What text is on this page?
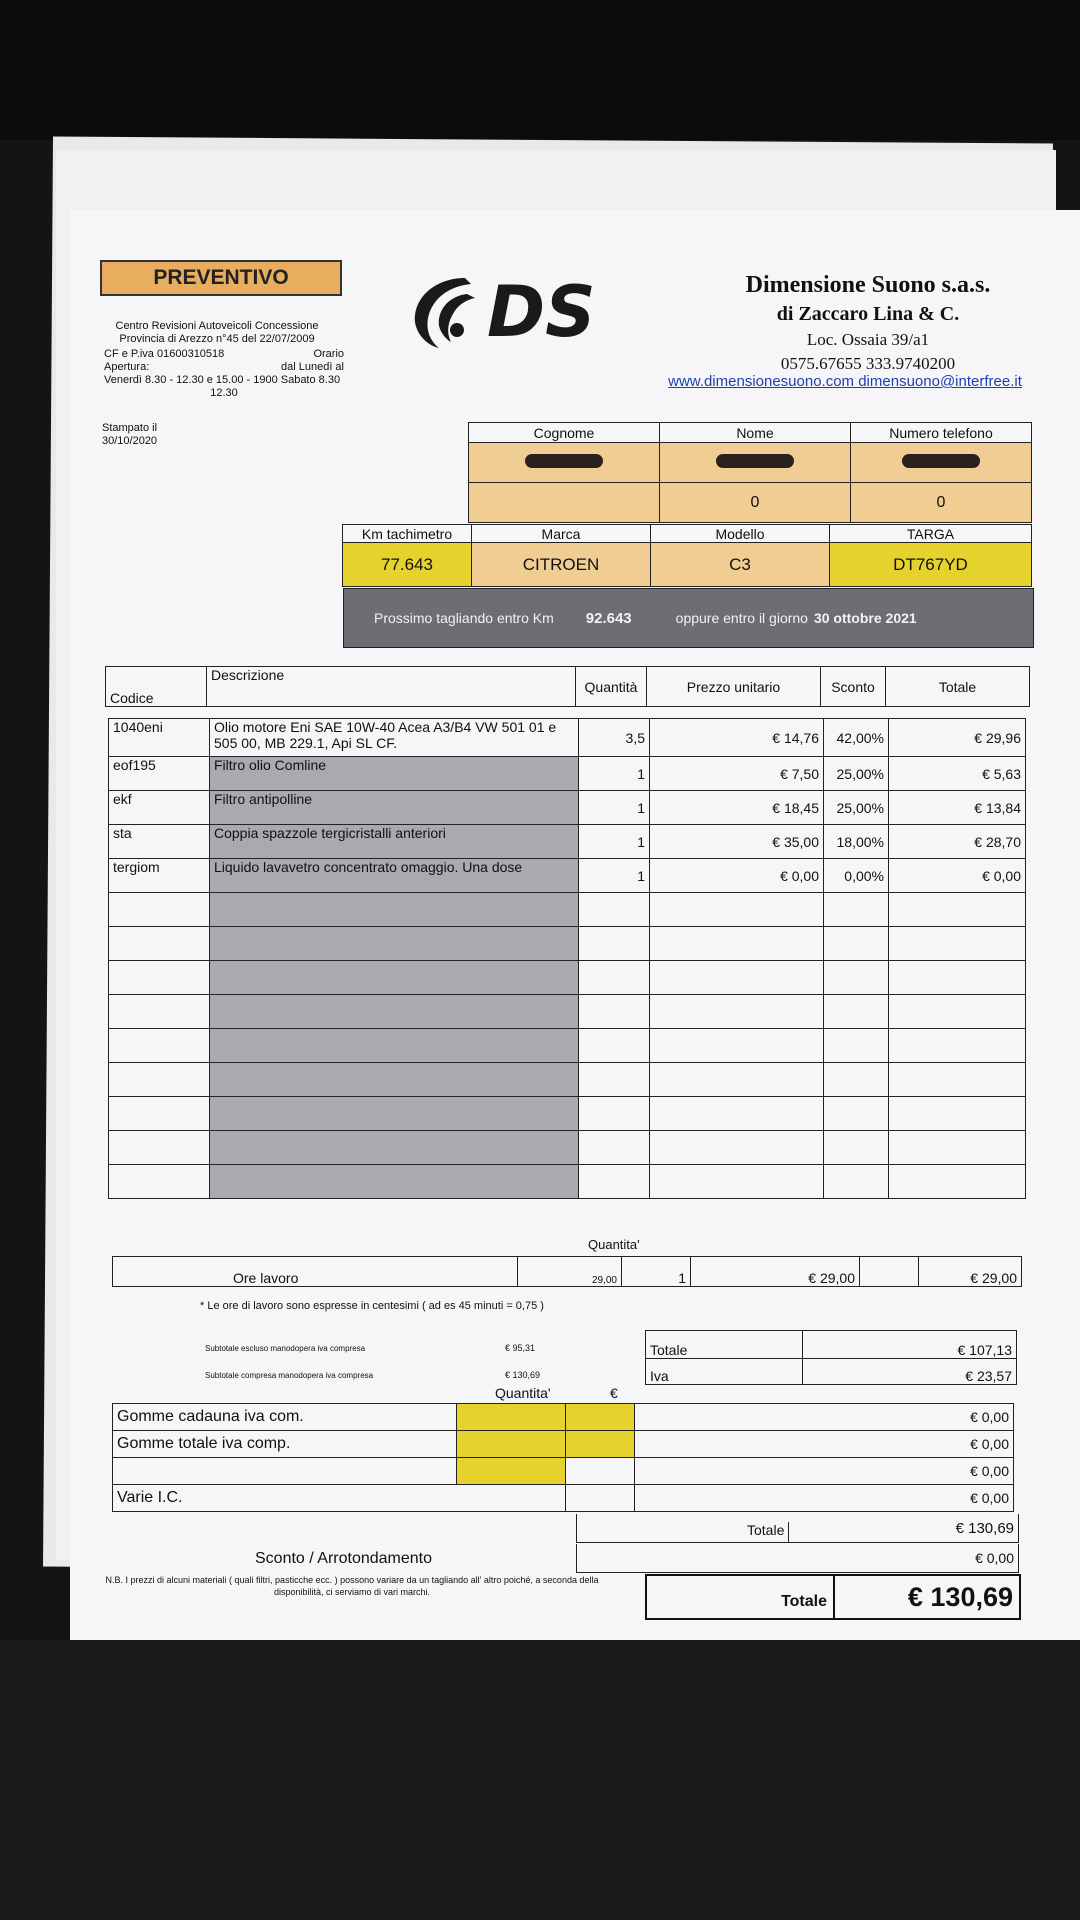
PREVENTIVO
Centro Revisioni Autoveicoli Concessione
Provincia di Arezzo n°45 del 22/07/2009
CF e P.iva 01600310518	Orario
Apertura:	dal Lunedì al
Venerdì 8.30 - 12.30 e 15.00 - 1900 Sabato 8.30
12.30
Stampato il
30/10/2020
DS	Dimensione Suono s.a.s.
di Zaccaro Lina & C.
Loc. Ossaia 39/a1
0575.67655 333.9740200
www.dimensionesuono.com dimensuono@interfree.it
Cognome	Nome	Numero telefono

	0	0
Km tachimetro	Marca	Modello	TARGA
77.643	CITROEN	C3	DT767YD
Prossimo tagliando entro Km 92.643	oppure entro il giorno 30 ottobre 2021
Codice	Descrizione	Quantità	Prezzo unitario	Sconto	Totale
1040eni	Olio motore Eni SAE 10W-40 Acea A3/B4 VW 501 01 e 505 00, MB 229.1, Api SL CF.	3,5	€ 14,76	42,00%	€ 29,96
eof195	Filtro olio Comline	1	€ 7,50	25,00%	€ 5,63
ekf	Filtro antipolline	1	€ 18,45	25,00%	€ 13,84
sta	Coppia spazzole tergicristalli anteriori	1	€ 35,00	18,00%	€ 28,70
tergiom	Liquido lavavetro concentrato omaggio. Una dose	1	€ 0,00	0,00%	€ 0,00

Quantita'
Ore lavoro	29,00	1	€ 29,00		€ 29,00
* Le ore di lavoro sono espresse in centesimi ( ad es 45 minuti = 0,75 )
Subtotale escluso manodopera iva compresa	€ 95,31
Subtotale compresa manodopera iva compresa	€ 130,69
Totale	€ 107,13
Iva	€ 23,57
Quantita'	€
Gomme cadauna iva com.			€ 0,00
Gomme totale iva comp.			€ 0,00
			€ 0,00
Varie I.C.			€ 0,00
Totale	€ 130,69
Sconto / Arrotondamento	€ 0,00
N.B. I prezzi di alcuni materiali ( quali filtri, pasticche ecc. ) possono variare da un tagliando all' altro poiché, a seconda della disponibilità, ci serviamo di vari marchi.
Totale	€ 130,69
